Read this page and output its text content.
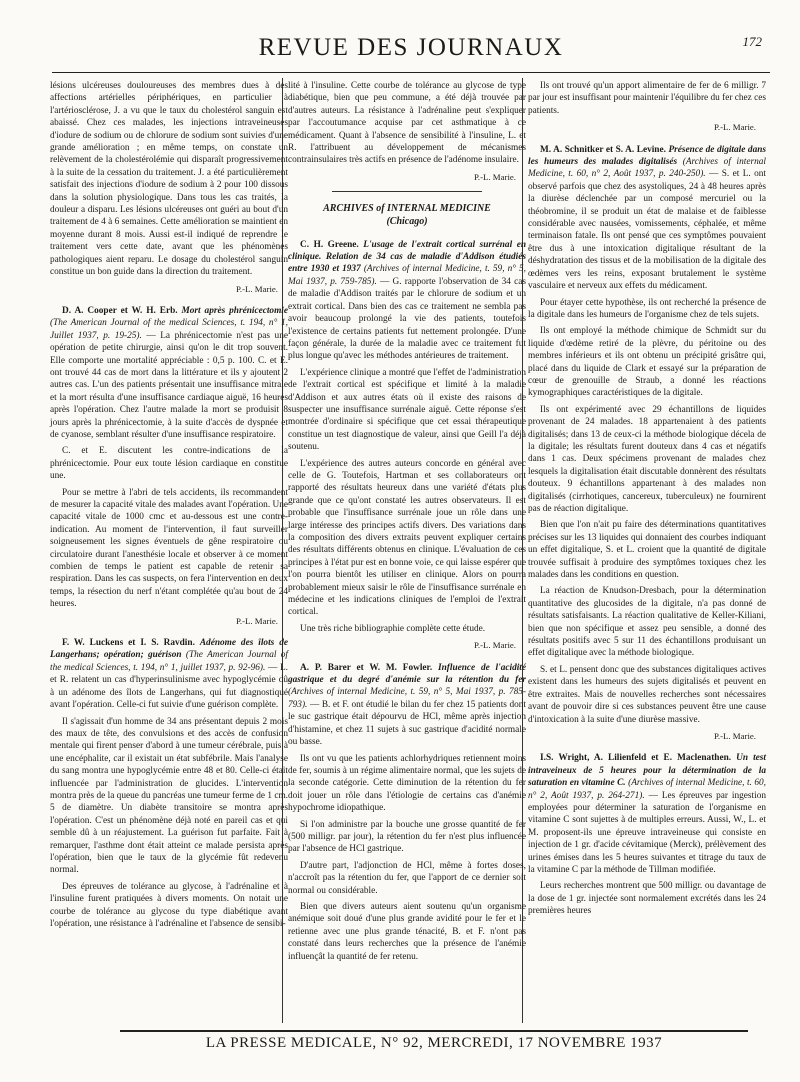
REVUE DES JOURNAUX	172

lésions ulcéreuses douloureuses des membres dues à des affections artérielles périphériques, en particulier à l'artériosclérose, J. a vu que le taux du cholestérol sanguin est abaissé. Chez ces malades, les injections intraveineuses d'iodure de sodium ou de chlorure de sodium sont suivies d'une grande amélioration ; en même temps, on constate un relèvement de la cholestérolémie qui disparaît progressivement à la suite de la cessation du traitement. J. a été particulièrement satisfait des injections d'iodure de sodium à 2 pour 100 dissous dans la solution physiologique. Dans tous les cas traités, la douleur a disparu. Les lésions ulcéreuses ont guéri au bout d'un traitement de 4 à 6 semaines. Cette amélioration se maintient en moyenne durant 8 mois. Aussi est-il indiqué de reprendre le traitement vers cette date, avant que les phénomènes pathologiques aient reparu. Le dosage du cholestérol sanguin constitue un bon guide dans la direction du traitement.

P.-L. Marie.

D. A. Cooper et W. H. Erb. Mort après phrénicectomie (The American Journal of the medical Sciences, t. 194, n° 1, Juillet 1937, p. 19-25). — La phrénicectomie n'est pas une opération de petite chirurgie, ainsi qu'on le dit trop souvent. Elle comporte une mortalité appréciable : 0,5 p. 100. C. et E. ont trouvé 44 cas de mort dans la littérature et ils y ajoutent 2 autres cas. L'un des patients présentait une insuffisance mitrale et la mort résulta d'une insuffisance cardiaque aiguë, 16 heures après l'opération. Chez l'autre malade la mort se produisit 8 jours après la phrénicectomie, à la suite d'accès de dyspnée et de cyanose, semblant résulter d'une insuffisance respiratoire.

C. et E. discutent les contre-indications de la phrénicectomie. Pour eux toute lésion cardiaque en constitue une.

Pour se mettre à l'abri de tels accidents, ils recommandent de mesurer la capacité vitale des malades avant l'opération. Une capacité vitale de 1000 cmc et au-dessous est une contre-indication. Au moment de l'intervention, il faut surveiller soigneusement les signes éventuels de gêne respiratoire ou circulatoire durant l'anesthésie locale et observer à ce moment combien de temps le patient est capable de retenir sa respiration. Dans les cas suspects, on fera l'intervention en deux temps, la résection du nerf n'étant complétée qu'au bout de 24 heures.

P.-L. Marie.

F. W. Luckens et I. S. Ravdin. Adénome des îlots de Langerhans; opération; guérison (The American Journal of the medical Sciences, t. 194, n° 1, juillet 1937, p. 92-96). — L. et R. relatent un cas d'hyperinsulinisme avec hypoglycémie dû à un adénome des îlots de Langerhans, qui fut diagnostiqué avant l'opération. Celle-ci fut suivie d'une guérison complète.

Il s'agissait d'un homme de 34 ans présentant depuis 2 mois des maux de tête, des convulsions et des accès de confusion mentale qui firent penser d'abord à une tumeur cérébrale, puis à une encéphalite, car il existait un état subfébrile. Mais l'analyse du sang montra une hypoglycémie entre 48 et 80. Celle-ci était influencée par l'administration de glucides. L'intervention montra près de la queue du pancréas une tumeur ferme de 1 cm. 5 de diamètre. Un diabète transitoire se montra après l'opération. C'est un phénomène déjà noté en pareil cas et qui semble dû à un réajustement. La guérison fut parfaite. Fait à remarquer, l'asthme dont était atteint ce malade persista après l'opération, bien que le taux de la glycémie fût redevenu normal.

Des épreuves de tolérance au glycose, à l'adrénaline et à l'insuline furent pratiquées à divers moments. On notait une courbe de tolérance au glycose du type diabétique avant l'opération, une résistance à l'adrénaline et l'absence de sensibi-

lité à l'insuline. Cette courbe de tolérance au glycose de type diabétique, bien que peu commune, a été déjà trouvée par d'autres auteurs. La résistance à l'adrénaline peut s'expliquer par l'accoutumance acquise par cet asthmatique à ce médicament. Quant à l'absence de sensibilité à l'insuline, L. et R. l'attribuent au développement de mécanismes contrainsulaires très actifs en présence de l'adénome insulaire.

P.-L. Marie.

ARCHIVES of INTERNAL MEDICINE

(Chicago)

C. H. Greene. L'usage de l'extrait cortical surrénal en clinique. Relation de 34 cas de maladie d'Addison étudiés entre 1930 et 1937 (Archives of internal Medicine, t. 59, n° 5, Mai 1937, p. 759-785). — G. rapporte l'observation de 34 cas de maladie d'Addison traités par le chlorure de sodium et un extrait cortical. Dans bien des cas ce traitement ne sembla pas avoir beaucoup prolongé la vie des patients, toutefois l'existence de certains patients fut nettement prolongée. D'une façon générale, la durée de la maladie avec ce traitement fut plus longue qu'avec les méthodes antérieures de traitement.

L'expérience clinique a montré que l'effet de l'administration de l'extrait cortical est spécifique et limité à la maladie d'Addison et aux autres états où il existe des raisons de suspecter une insuffisance surrénale aiguë. Cette réponse s'est montrée d'ordinaire si spécifique que cet essai thérapeutique constitue un test diagnostique de valeur, ainsi que Geill l'a déjà soutenu.

L'expérience des autres auteurs concorde en général avec celle de G. Toutefois, Hartman et ses collaborateurs ont rapporté des résultats heureux dans une variété d'états plus grande que ce qu'ont constaté les autres observateurs. Il est probable que l'insuffisance surrénale joue un rôle dans une large intéresse des principes actifs divers. Des variations dans la composition des divers extraits peuvent expliquer certains des résultats différents obtenus en clinique. L'évaluation de ces principes à l'état pur est en bonne voie, ce qui laisse espérer que l'on pourra bientôt les utiliser en clinique. Alors on pourra probablement mieux saisir le rôle de l'insuffisance surrénale en médecine et les indications cliniques de l'emploi de l'extrait cortical.

Une très riche bibliographie complète cette étude.

P.-L. Marie.

A. P. Barer et W. M. Fowler. Influence de l'acidité gastrique et du degré d'anémie sur la rétention du fer (Archives of internal Medicine, t. 59, n° 5, Mai 1937, p. 785-793). — B. et F. ont étudié le bilan du fer chez 15 patients dont le suc gastrique était dépourvu de HCl, même après injection d'histamine, et chez 11 sujets à suc gastrique d'acidité normale ou basse.

Ils ont vu que les patients achlorhydriques retiennent moins de fer, soumis à un régime alimentaire normal, que les sujets de la seconde catégorie. Cette diminution de la rétention du fer doit jouer un rôle dans l'étiologie de certains cas d'anémie hypochrome idiopathique.

Si l'on administre par la bouche une grosse quantité de fer (500 milligr. par jour), la rétention du fer n'est plus influencée par l'absence de HCl gastrique.

D'autre part, l'adjonction de HCl, même à fortes doses, n'accroît pas la rétention du fer, que l'apport de ce dernier soit normal ou considérable.

Bien que divers auteurs aient soutenu qu'un organisme anémique soit doué d'une plus grande avidité pour le fer et le retienne avec une plus grande ténacité, B. et F. n'ont pas constaté dans leurs recherches que la présence de l'anémie influençât la quantité de fer retenu.

Ils ont trouvé qu'un apport alimentaire de fer de 6 milligr. 7 par jour est insuffisant pour maintenir l'équilibre du fer chez ces patients.

P.-L. Marie.

M. A. Schnitker et S. A. Levine. Présence de digitale dans les humeurs des malades digitalisés (Archives of internal Medicine, t. 60, n° 2, Août 1937, p. 240-250). — S. et L. ont observé parfois que chez des asystoliques, 24 à 48 heures après la diurèse déclenchée par un composé mercuriel ou la théobromine, il se produit un état de malaise et de faiblesse considérable avec nausées, vomissements, céphalée, et même terminaison fatale. Ils ont pensé que ces symptômes pouvaient être dus à une intoxication digitalique résultant de la déshydratation des tissus et de la mobilisation de la digitale des œdèmes vers les reins, exposant brutalement le système vasculaire et nerveux aux effets du médicament.

Pour étayer cette hypothèse, ils ont recherché la présence de la digitale dans les humeurs de l'organisme chez de tels sujets.

Ils ont employé la méthode chimique de Schmidt sur du liquide d'œdème retiré de la plèvre, du péritoine ou des membres inférieurs et ils ont obtenu un précipité grisâtre qui, placé dans du liquide de Clark et essayé sur la préparation de cœur de grenouille de Straub, a donné les réactions kymographiques caractéristiques de la digitale.

Ils ont expérimenté avec 29 échantillons de liquides provenant de 24 malades. 18 appartenaient à des patients digitalisés; dans 13 de ceux-ci la méthode biologique décela de la digitale; les résultats furent douteux dans 4 cas et négatifs dans 1 cas. Deux spécimens provenant de malades chez lesquels la digitalisation était discutable donnèrent des résultats douteux. 9 échantillons appartenant à des malades non digitalisés (cirrhotiques, cancereux, tuberculeux) ne fournirent pas de réaction digitalique.

Bien que l'on n'ait pu faire des déterminations quantitatives précises sur les 13 liquides qui donnaient des courbes indiquant un effet digitalique, S. et L. croient que la quantité de digitale trouvée suffisait à produire des symptômes toxiques chez les malades dans les conditions en question.

La réaction de Knudson-Dresbach, pour la détermination quantitative des glucosides de la digitale, n'a pas donné de résultats satisfaisants. La réaction qualitative de Keller-Kiliani, bien que non spécifique et assez peu sensible, a donné des résultats positifs avec 5 sur 11 des échantillons produisant un effet digitalique avec la méthode biologique.

S. et L. pensent donc que des substances digitaliques actives existent dans les humeurs des sujets digitalisés et peuvent en être extraites. Mais de nouvelles recherches sont nécessaires avant de pouvoir dire si ces substances peuvent être une cause d'intoxication à la suite d'une diurèse massive.

P.-L. Marie.

I.S. Wright, A. Lilienfeld et E. Maclenathen. Un test intraveineux de 5 heures pour la détermination de la saturation en vitamine C. (Archives of internal Medicine, t. 60, n° 2, Août 1937, p. 264-271). — Les épreuves par ingestion employées pour déterminer la saturation de l'organisme en vitamine C sont sujettes à de multiples erreurs. Aussi, W., L. et M. proposent-ils une épreuve intraveineuse qui consiste en injection de 1 gr. d'acide cévitamique (Merck), prélèvement des urines émises dans les 5 heures suivantes et titrage du taux de la vitamine C par la méthode de Tillman modifiée.

Leurs recherches montrent que 500 milligr. ou davantage de la dose de 1 gr. injectée sont normalement excrétés dans les 24 premières heures

LA PRESSE MEDICALE, N° 92, MERCREDI, 17 NOVEMBRE 1937
